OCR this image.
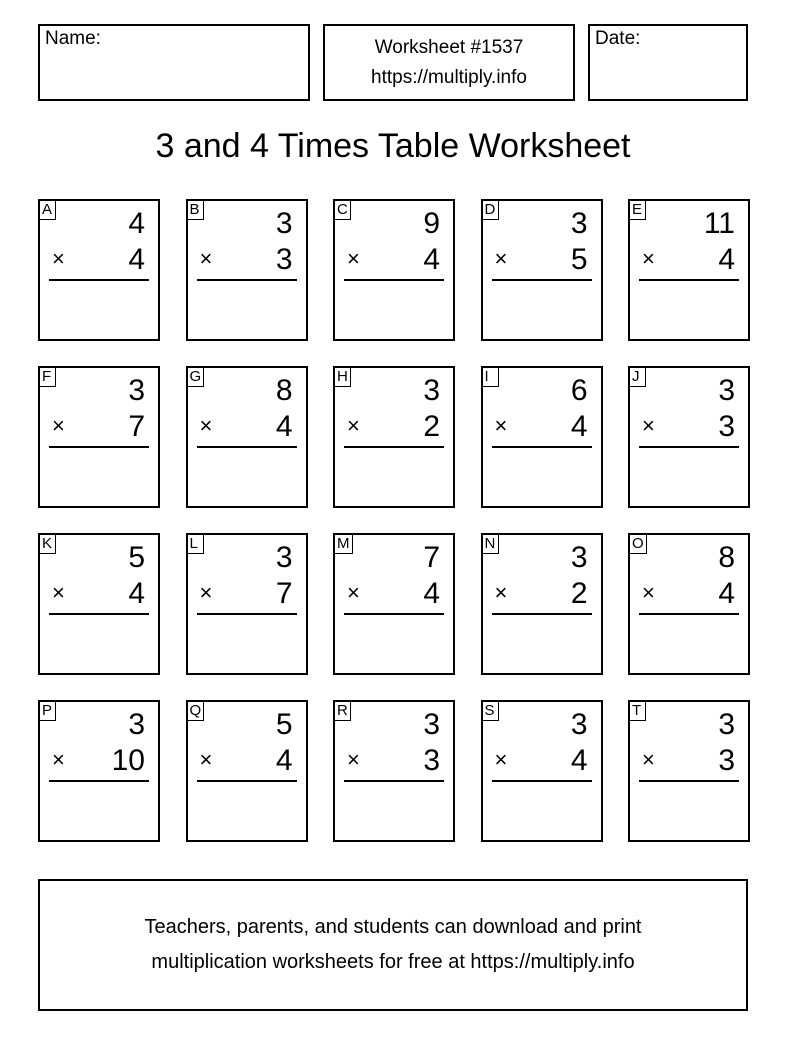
Name:	Worksheet #1537
https://multiply.info
Date:
3 and 4 Times Table Worksheet
A	4
× 4
B	3
× 3
C	9
× 4
D	3
× 5
E 11
× 4
F	3
× 7
G 8
× 4
H	3
× 2
I	6
× 4
J	3
× 3
K	5
× 4
L	3
× 7
M 7
× 4
N	3
× 2
O 8
× 4
P	3
× 10
Q 5
× 4
R	3
× 3
S	3
× 4
T	3
× 3
Teachers, parents, and students can download and print
multiplication worksheets for free at https://multiply.info
